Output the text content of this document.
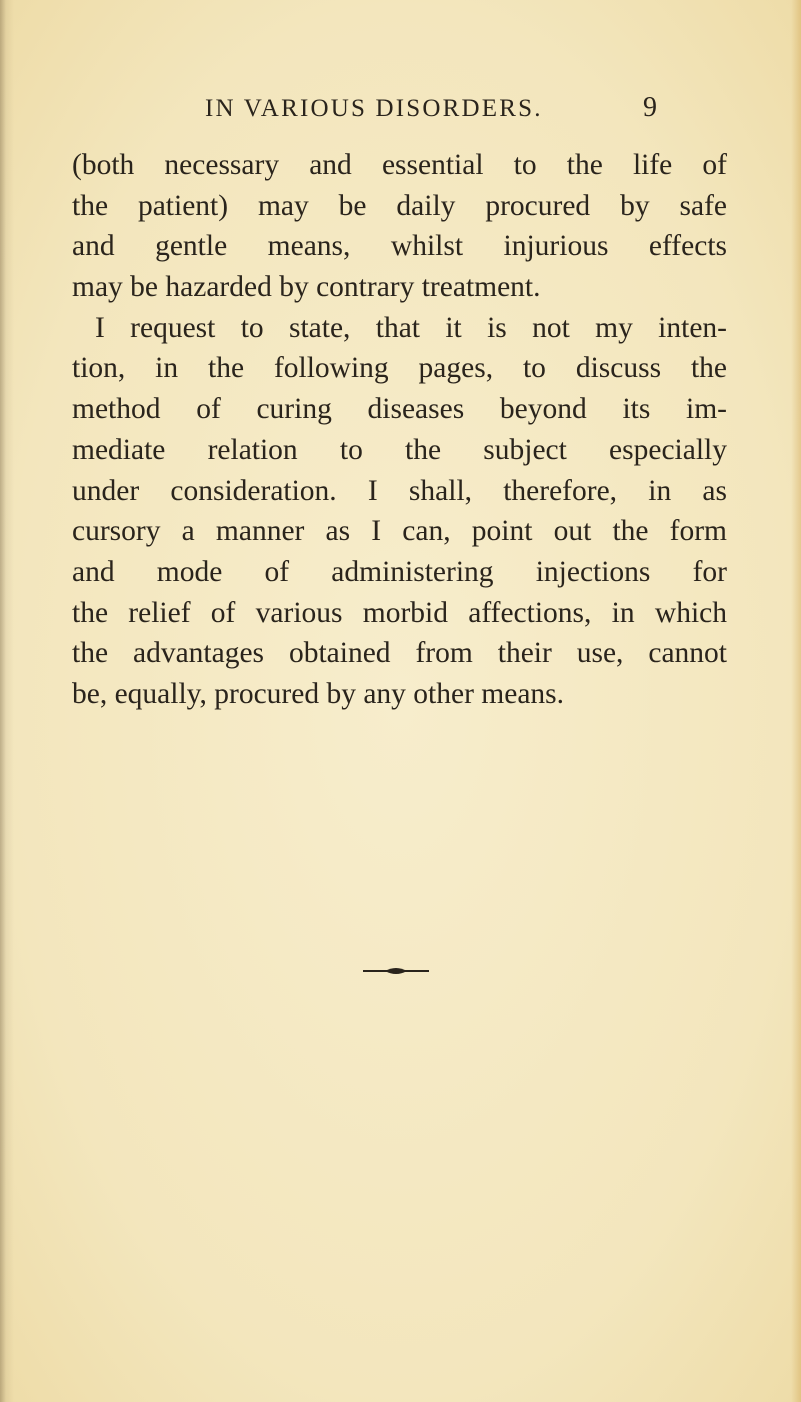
IN VARIOUS DISORDERS.	9
(both necessary and essential to the life of
the patient) may be daily procured by safe
and gentle means, whilst injurious effects
may be hazarded by contrary treatment.
I request to state, that it is not my inten-
tion, in the following pages, to discuss the
method of curing diseases beyond its im-
mediate relation to the subject especially
under consideration. I shall, therefore, in as
cursory a manner as I can, point out the form
and mode of administering injections for
the relief of various morbid affections, in which
the advantages obtained from their use, cannot
be, equally, procured by any other means.
